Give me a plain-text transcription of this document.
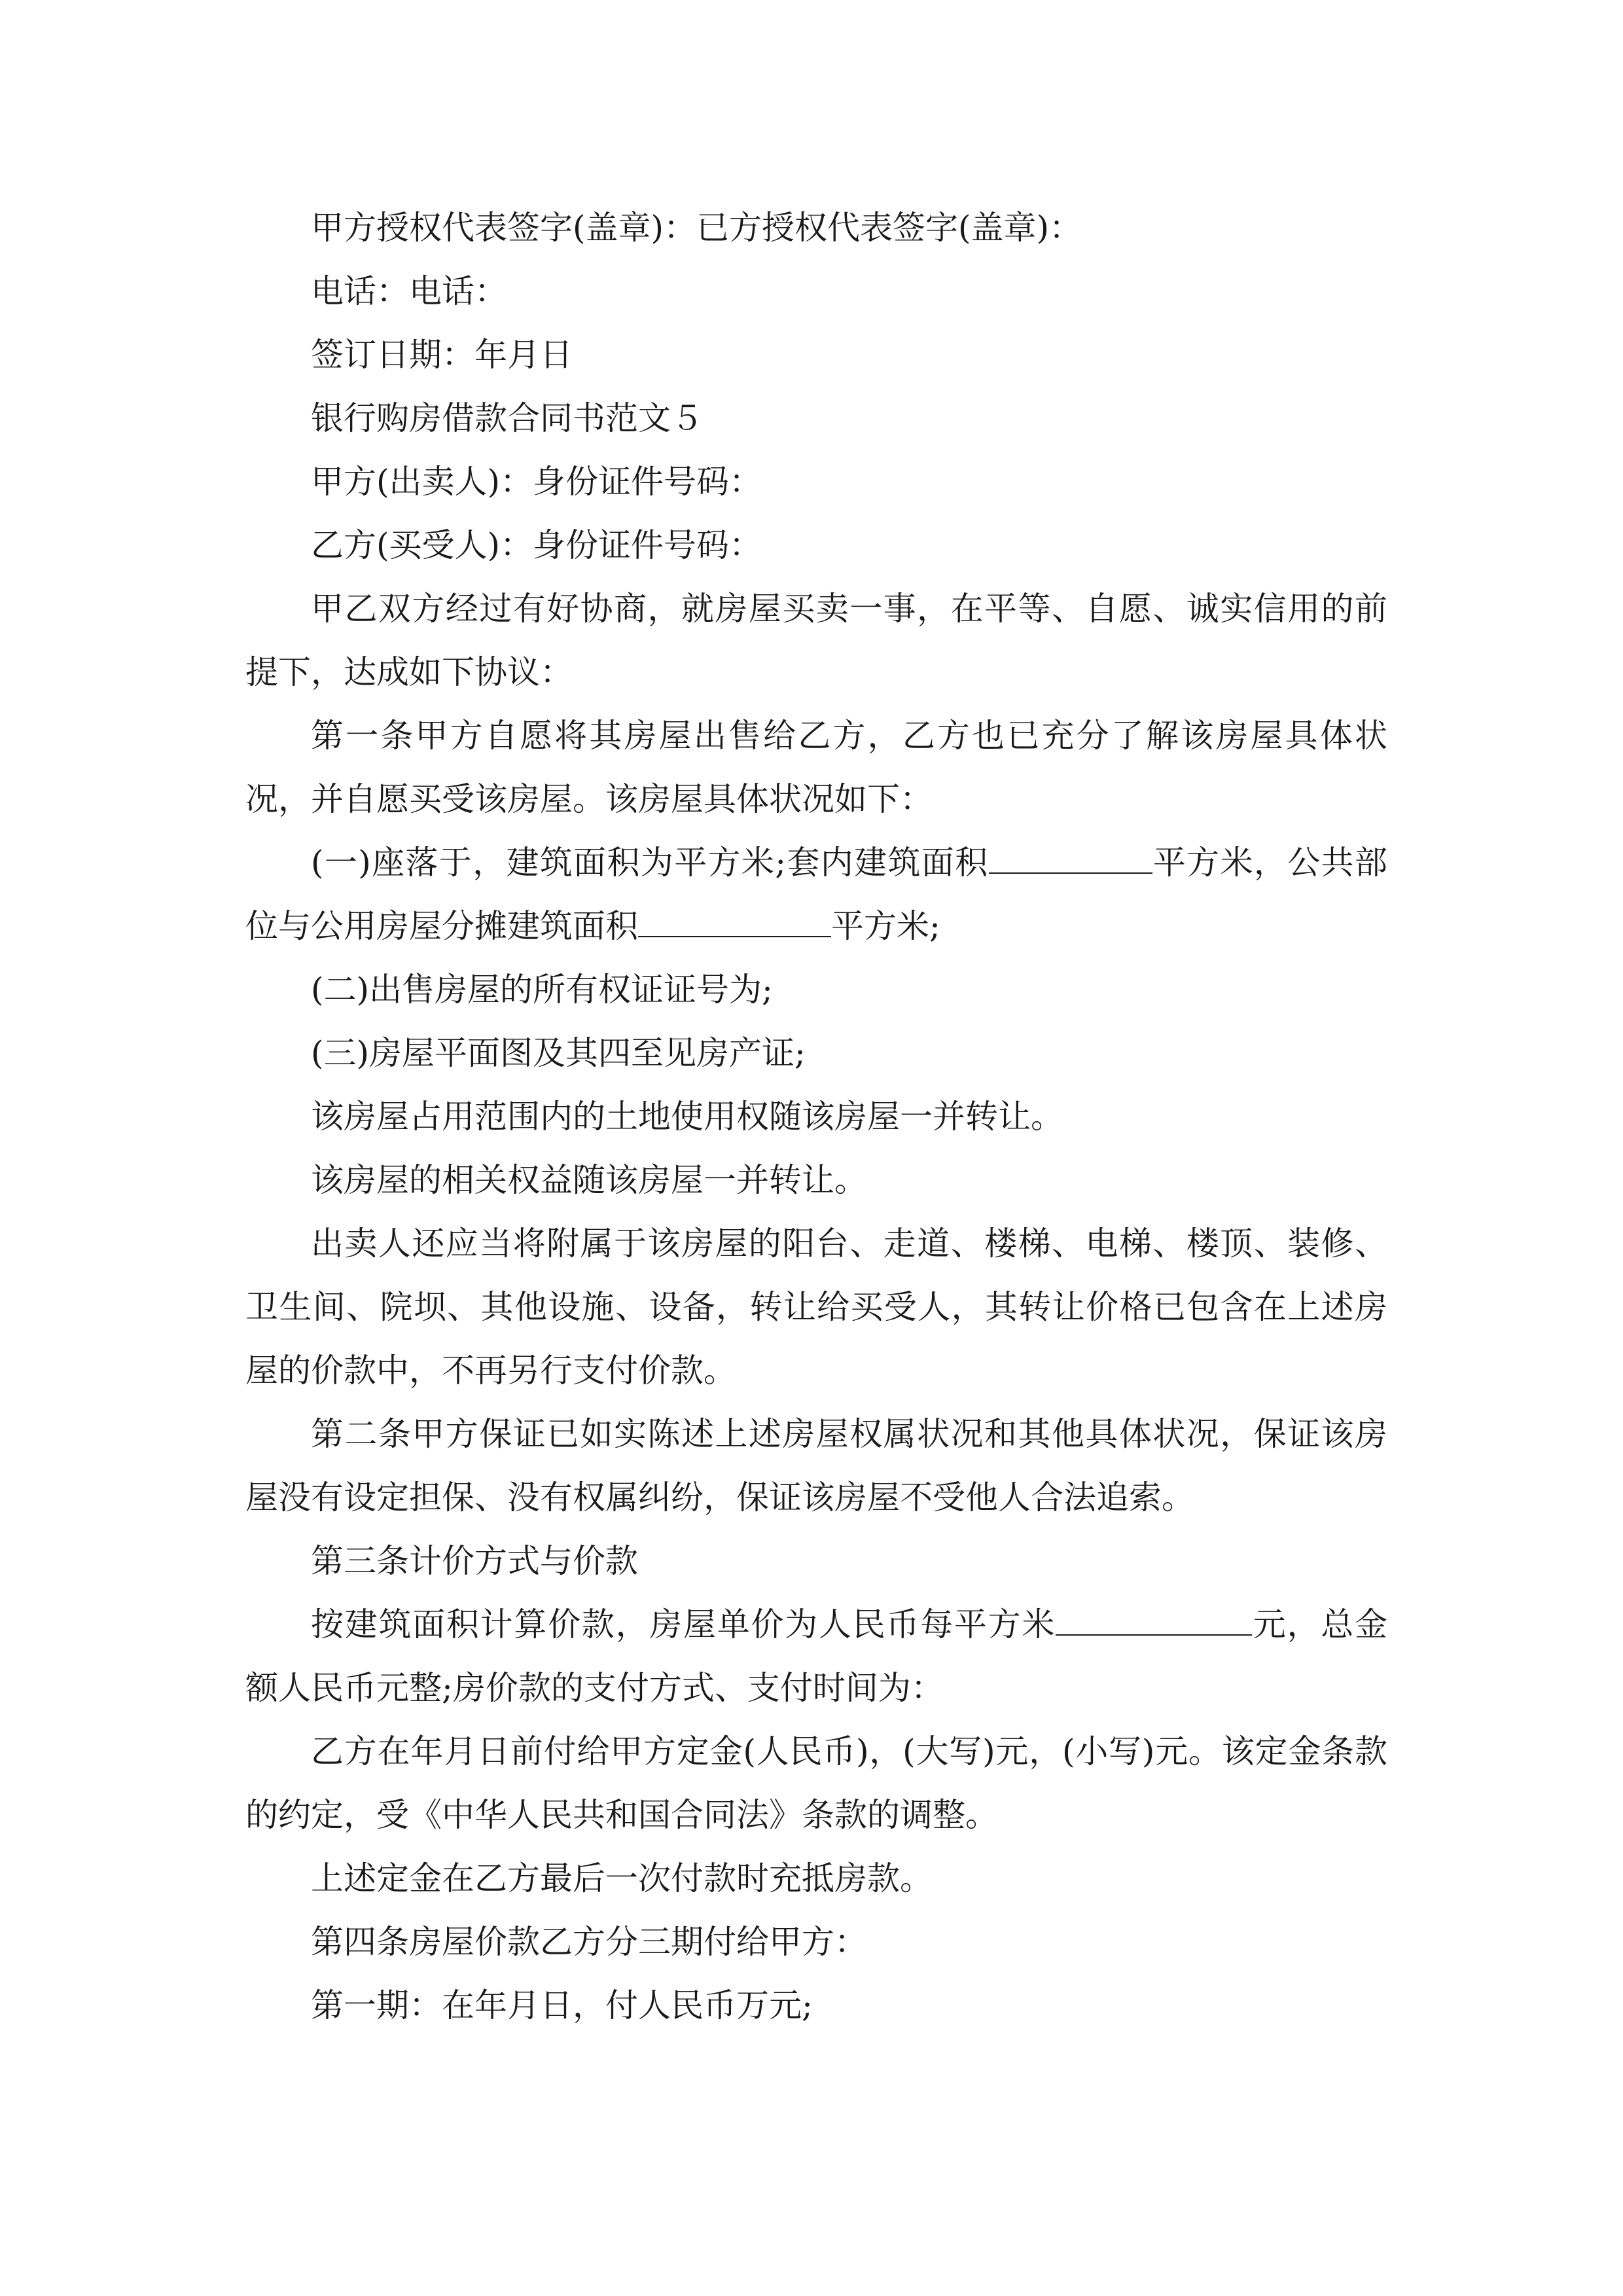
甲方授权代表签字(盖章)：已方授权代表签字(盖章)：

电话：电话：

签订日期：年月日

银行购房借款合同书范文５

甲方(出卖人)：身份证件号码：

乙方(买受人)：身份证件号码：

甲乙双方经过有好协商，就房屋买卖一事，在平等、自愿、诚实信用的前提下，达成如下协议：

第一条甲方自愿将其房屋出售给乙方，乙方也已充分了解该房屋具体状况，并自愿买受该房屋。该房屋具体状况如下：

(一)座落于，建筑面积为平方米;套内建筑面积	平方米，公共部位与公用房屋分摊建筑面积	平方米;

(二)出售房屋的所有权证证号为;

(三)房屋平面图及其四至见房产证;

该房屋占用范围内的土地使用权随该房屋一并转让。

该房屋的相关权益随该房屋一并转让。

出卖人还应当将附属于该房屋的阳台、走道、楼梯、电梯、楼顶、装修、卫生间、院坝、其他设施、设备，转让给买受人，其转让价格已包含在上述房屋的价款中，不再另行支付价款。

第二条甲方保证已如实陈述上述房屋权属状况和其他具体状况，保证该房屋没有设定担保、没有权属纠纷，保证该房屋不受他人合法追索。

第三条计价方式与价款

按建筑面积计算价款，房屋单价为人民币每平方米	元，总金额人民币元整;房价款的支付方式、支付时间为：

乙方在年月日前付给甲方定金(人民币)，(大写)元，(小写)元。该定金条款的约定，受《中华人民共和国合同法》条款的调整。

上述定金在乙方最后一次付款时充抵房款。

第四条房屋价款乙方分三期付给甲方：

第一期：在年月日，付人民币万元;
